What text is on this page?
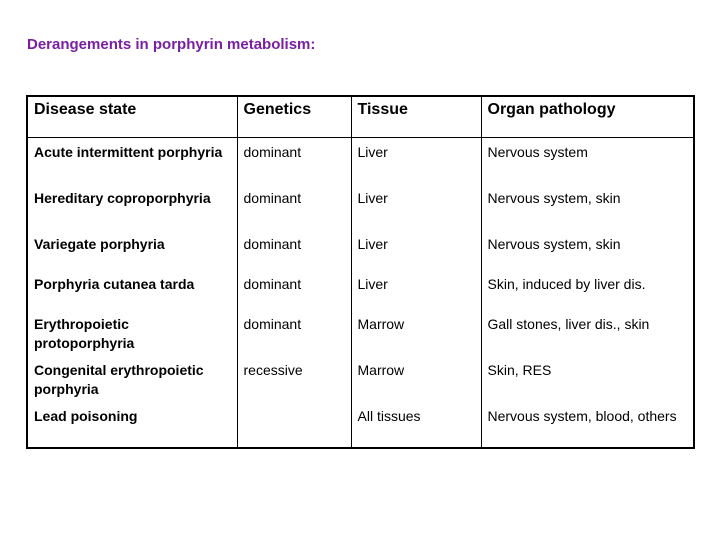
Derangements in porphyrin metabolism:
Disease state	Genetics	Tissue	Organ pathology
Acute intermittent porphyria	dominant	Liver	Nervous system
Hereditary coproporphyria	dominant	Liver	Nervous system, skin
Variegate porphyria	dominant	Liver	Nervous system, skin
Porphyria cutanea tarda	dominant	Liver	Skin, induced by liver dis.
Erythropoietic protoporphyria	dominant	Marrow	Gall stones, liver dis., skin
Congenital erythropoietic porphyria	recessive	Marrow	Skin, RES
Lead poisoning		All tissues	Nervous system, blood, others
